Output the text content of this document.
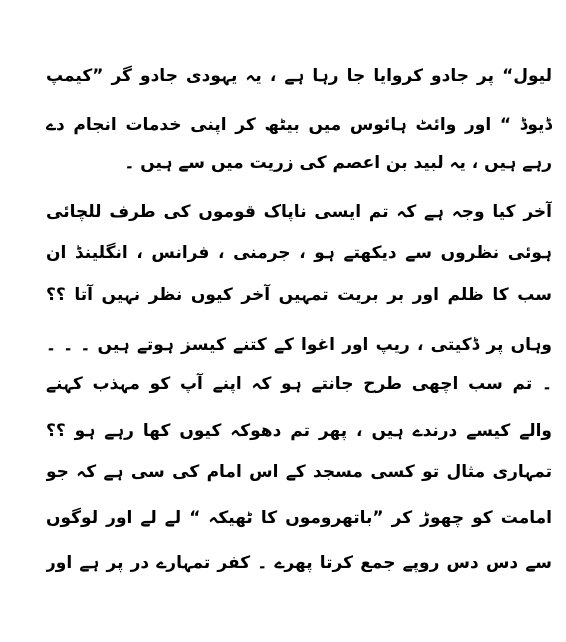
لیول“ پر جادو کروایا جا رہا ہے ، یہ یہودی جادو گر ”کیمپ
ڈیوڈ “ اور وائٹ ہائوس میں بیٹھ کر اپنی خدمات انجام دے
رہے ہیں ، یہ لبید بن اعصم کی زریت میں سے ہیں ۔
آخر کیا وجہ ہے کہ تم ایسی ناپاک قوموں کی طرف للچائی
ہوئی نظروں سے دیکھتے ہو ، جرمنی ، فرانس ، انگلینڈ ان
سب کا ظلم اور بر بریت تمہیں آخر کیوں نظر نہیں آتا ؟؟
وہاں پر ڈکیتی ، ریپ اور اغوا کے کتنے کیسز ہوتے ہیں ۔ ۔ ۔
۔ تم سب اچھی طرح جانتے ہو کہ اپنے آپ کو مہذب کہنے
والے کیسے درندے ہیں ، پھر تم دھوکہ کیوں کھا رہے ہو ؟؟
تمہاری مثال تو کسی مسجد کے اس امام کی سی ہے کہ جو
امامت کو چھوڑ کر ”باتھروموں کا ٹھیکہ “ لے لے اور لوگوں
سے دس دس روپے جمع کرتا پھرے ۔ کفر تمہارے در پر ہے اور
